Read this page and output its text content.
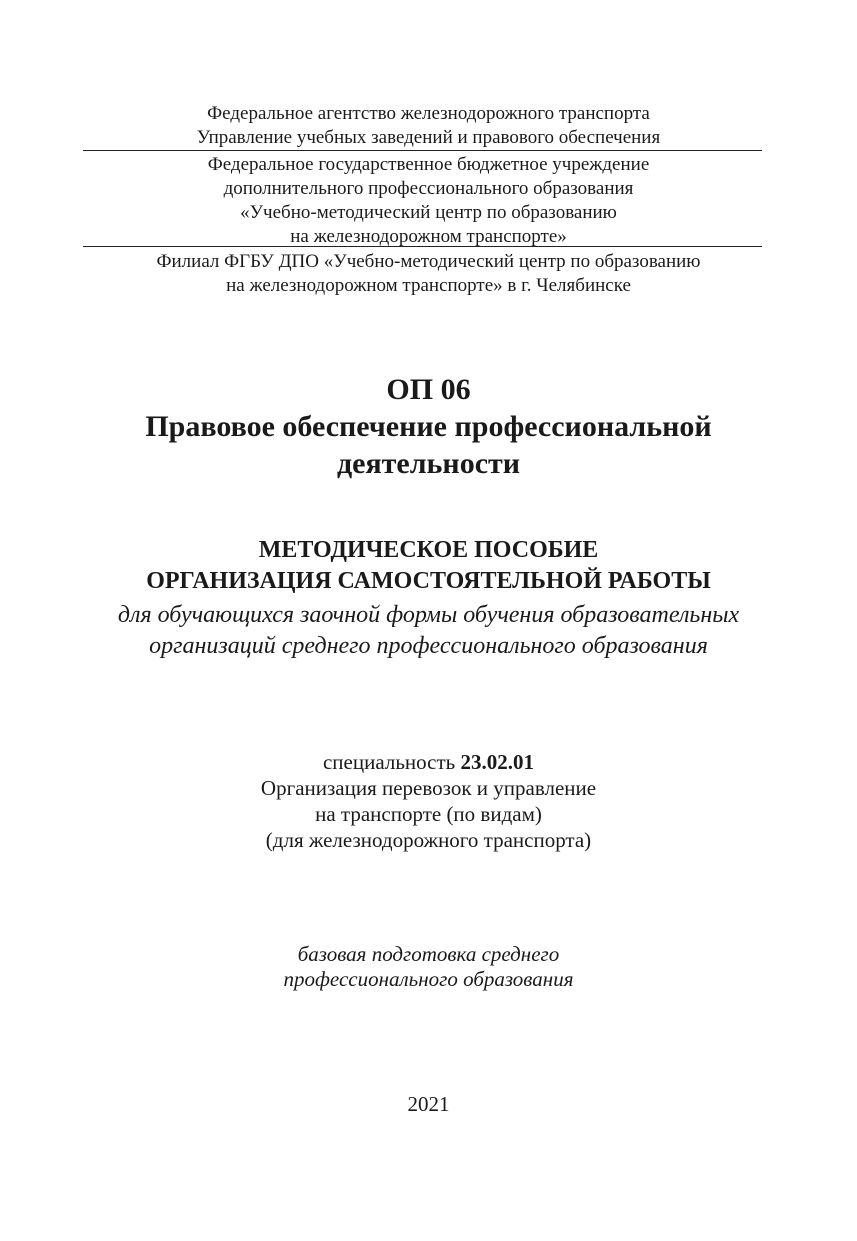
Федеральное агентство железнодорожного транспорта
Управление учебных заведений и правового обеспечения
Федеральное государственное бюджетное учреждение
дополнительного профессионального образования
«Учебно-методический центр по образованию
на железнодорожном транспорте»
Филиал ФГБУ ДПО «Учебно-методический центр по образованию
на железнодорожном транспорте» в г. Челябинске
ОП 06
Правовое обеспечение профессиональной
деятельности
МЕТОДИЧЕСКОЕ ПОСОБИЕ
ОРГАНИЗАЦИЯ САМОСТОЯТЕЛЬНОЙ РАБОТЫ
для обучающихся заочной формы обучения образовательных
организаций среднего профессионального образования
специальность 23.02.01
Организация перевозок и управление
на транспорте (по видам)
(для железнодорожного транспорта)
базовая подготовка среднего
профессионального образования
2021
